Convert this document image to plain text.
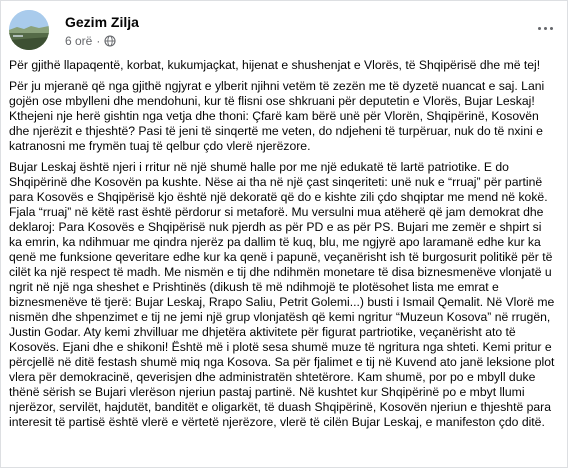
Gezim Zilja
6 orë ·

Për gjithë llapaqentë, korbat, kukumjaçkat, hijenat e shushenjat e Vlorës, të Shqipërisë dhe më tej!

Për ju mjeranë që nga gjithë ngjyrat e ylberit njihni vetëm të zezën me të dyzetë nuancat e saj. Lani gojën ose mbylleni dhe mendohuni, kur të flisni ose shkruani për deputetin e Vlorës, Bujar Leskaj! Kthejeni nje herë gishtin nga vetja dhe thoni: Çfarë kam bërë unë për Vlorën, Shqipërinë, Kosovën dhe njerëzit e thjeshtë? Pasi të jeni të sinqertë me veten, do ndjeheni të turpëruar, nuk do të nxini e katranosni me frymën tuaj të qelbur çdo vlerë njerëzore.

Bujar Leskaj është njeri i rritur në një shumë halle por me një edukatë të lartë patriotike. E do Shqipërinë dhe Kosovën pa kushte. Nëse ai tha në një çast sinqeriteti: unë nuk e “rruaj” për partinë para Kosovës e Shqipërisë kjo është një dekoratë që do e kishte zili çdo shqiptar me mend në kokë. Fjala “rruaj” në këtë rast është përdorur si metaforë. Mu versulni mua atëherë që jam demokrat dhe deklaroj: Para Kosovës e Shqipërisë nuk pjerdh as për PD e as për PS. Bujari me zemër e shpirt si ka emrin, ka ndihmuar me qindra njerëz pa dallim të kuq, blu, me ngjyrë apo laramanë edhe kur ka qenë me funksione qeveritare edhe kur ka qenë i papunë, veçanërisht ish të burgosurit politikë për të cilët ka një respect të madh. Me nismën e tij dhe ndihmën monetare të disa biznesmenëve vlonjatë u ngrit në një nga sheshet e Prishtinës (dikush të më ndihmojë te plotësohet lista me emrat e biznesmenëve të tjerë: Bujar Leskaj, Rrapo Saliu, Petrit Golemi...) busti i Ismail Qemalit. Në Vlorë me nismën dhe shpenzimet e tij ne jemi një grup vlonjatësh që kemi ngritur “Muzeun Kosova” në rrugën, Justin Godar. Aty kemi zhvilluar me dhjetëra aktivitete për figurat partriotike, veçanërisht ato të Kosovës. Ejani dhe e shikoni! Është më i plotë sesa shumë muze të ngritura nga shteti. Kemi pritur e përcjellë në ditë festash shumë miq nga Kosova. Sa për fjalimet e tij në Kuvend ato janë leksione plot vlera për demokracinë, qeverisjen dhe administratën shtetërore. Kam shumë, por po e mbyll duke thënë sërish se Bujari vlerëson njeriun pastaj partinë. Në kushtet kur Shqipërinë po e mbyt llumi njerëzor, servilët, hajdutët, banditët e oligarkët, të duash Shqipërinë, Kosovën njeriun e thjeshtë para interesit të partisë është vlerë e vërtetë njerëzore, vlerë të cilën Bujar Leskaj, e manifeston çdo ditë.
